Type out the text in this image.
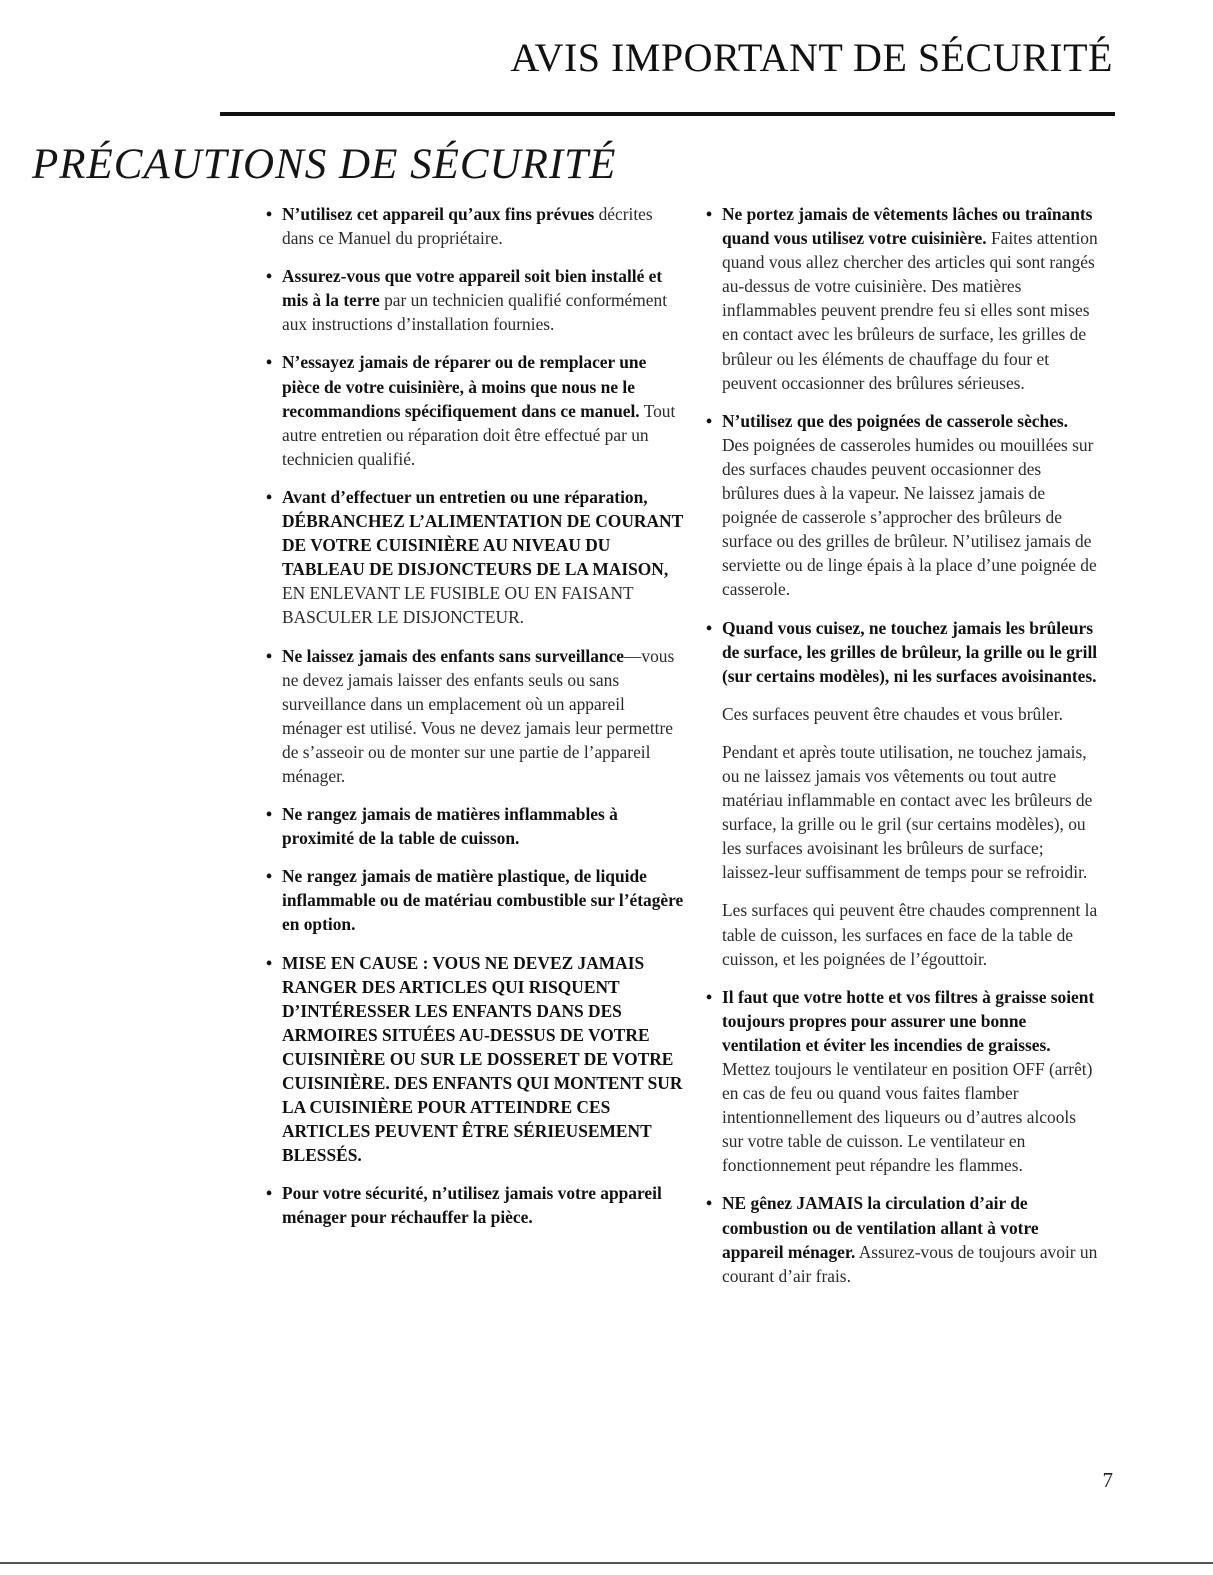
AVIS IMPORTANT DE SÉCURITÉ
PRÉCAUTIONS DE SÉCURITÉ
• N’utilisez cet appareil qu’aux fins prévues décrites dans ce Manuel du propriétaire.
• Assurez-vous que votre appareil soit bien installé et mis à la terre par un technicien qualifié conformément aux instructions d’installation fournies.
• N’essayez jamais de réparer ou de remplacer une pièce de votre cuisinière, à moins que nous ne le recommandions spécifiquement dans ce manuel. Tout autre entretien ou réparation doit être effectué par un technicien qualifié.
• Avant d’effectuer un entretien ou une réparation, DÉBRANCHEZ L’ALIMENTATION DE COURANT DE VOTRE CUISINIÈRE AU NIVEAU DU TABLEAU DE DISJONCTEURS DE LA MAISON, EN ENLEVANT LE FUSIBLE OU EN FAISANT BASCULER LE DISJONCTEUR.
• Ne laissez jamais des enfants sans surveillance—vous ne devez jamais laisser des enfants seuls ou sans surveillance dans un emplacement où un appareil ménager est utilisé. Vous ne devez jamais leur permettre de s’asseoir ou de monter sur une partie de l’appareil ménager.
• Ne rangez jamais de matières inflammables à proximité de la table de cuisson.
• Ne rangez jamais de matière plastique, de liquide inflammable ou de matériau combustible sur l’étagère en option.
• MISE EN CAUSE : VOUS NE DEVEZ JAMAIS RANGER DES ARTICLES QUI RISQUENT D’INTÉRESSER LES ENFANTS DANS DES ARMOIRES SITUÉES AU-DESSUS DE VOTRE CUISINIÈRE OU SUR LE DOSSERET DE VOTRE CUISINIÈRE. DES ENFANTS QUI MONTENT SUR LA CUISINIÈRE POUR ATTEINDRE CES ARTICLES PEUVENT ÊTRE SÉRIEUSEMENT BLESSÉS.
• Pour votre sécurité, n’utilisez jamais votre appareil ménager pour réchauffer la pièce.
• Ne portez jamais de vêtements lâches ou traînants quand vous utilisez votre cuisinière. Faites attention quand vous allez chercher des articles qui sont rangés au-dessus de votre cuisinière. Des matières inflammables peuvent prendre feu si elles sont mises en contact avec les brûleurs de surface, les grilles de brûleur ou les éléments de chauffage du four et peuvent occasionner des brûlures sérieuses.
• N’utilisez que des poignées de casserole sèches. Des poignées de casseroles humides ou mouillées sur des surfaces chaudes peuvent occasionner des brûlures dues à la vapeur. Ne laissez jamais de poignée de casserole s’approcher des brûleurs de surface ou des grilles de brûleur. N’utilisez jamais de serviette ou de linge épais à la place d’une poignée de casserole.
• Quand vous cuisez, ne touchez jamais les brûleurs de surface, les grilles de brûleur, la grille ou le grill (sur certains modèles), ni les surfaces avoisinantes.
Ces surfaces peuvent être chaudes et vous brûler.
Pendant et après toute utilisation, ne touchez jamais, ou ne laissez jamais vos vêtements ou tout autre matériau inflammable en contact avec les brûleurs de surface, la grille ou le gril (sur certains modèles), ou les surfaces avoisinant les brûleurs de surface; laissez-leur suffisamment de temps pour se refroidir.
Les surfaces qui peuvent être chaudes comprennent la table de cuisson, les surfaces en face de la table de cuisson, et les poignées de l’égouttoir.
• Il faut que votre hotte et vos filtres à graisse soient toujours propres pour assurer une bonne ventilation et éviter les incendies de graisses. Mettez toujours le ventilateur en position OFF (arrêt) en cas de feu ou quand vous faites flamber intentionnellement des liqueurs ou d’autres alcools sur votre table de cuisson. Le ventilateur en fonctionnement peut répandre les flammes.
• NE gênez JAMAIS la circulation d’air de combustion ou de ventilation allant à votre appareil ménager. Assurez-vous de toujours avoir un courant d’air frais.
7
